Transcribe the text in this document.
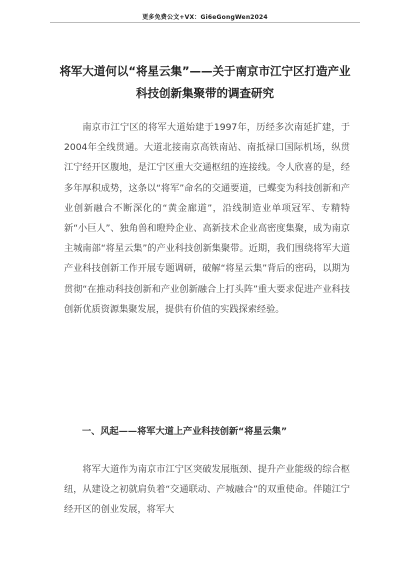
更多免费公文+VX：Gi6eGongWen2024
将军大道何以“将星云集”——关于南京市江宁区打造产业科技创新集聚带的调查研究

南京市江宁区的将军大道始建于1997年，历经多次南延扩建，于2004年全线贯通。大道北接南京高铁南站、南抵禄口国际机场，纵贯江宁经开区腹地，是江宁区重大交通枢纽的连接线。令人欣喜的是，经多年厚积成势，这条以“将军”命名的交通要道，已蝶变为科技创新和产业创新融合不断深化的“黄金廊道”，沿线制造业单项冠军、专精特新“小巨人”、独角兽和瞪羚企业、高新技术企业高密度集聚，成为南京主城南部“将星云集”的产业科技创新集聚带。近期，我们围绕将军大道产业科技创新工作开展专题调研，破解“将星云集”背后的密码，以期为贯彻“在推动科技创新和产业创新融合上打头阵”重大要求促进产业科技创新优质资源集聚发展，提供有价值的实践探索经验。

一、风起——将军大道上产业科技创新“将星云集”

将军大道作为南京市江宁区突破发展瓶颈、提升产业能级的综合枢纽，从建设之初就肩负着“交通联动、产城融合”的双重使命。伴随江宁经开区的创业发展，将军大
